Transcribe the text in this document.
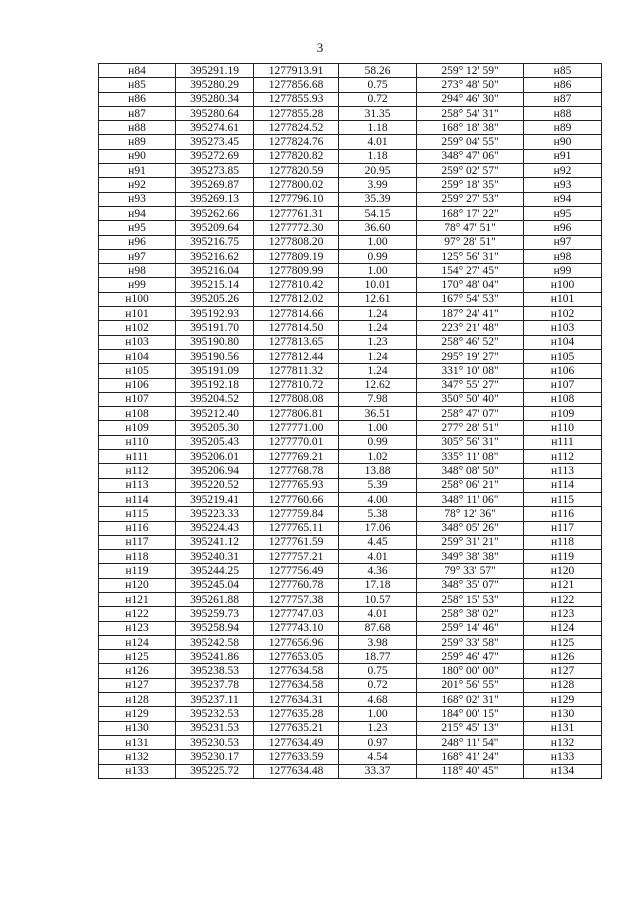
3
н84	395291.19	1277913.91	58.26	259° 12' 59"	н85
н85	395280.29	1277856.68	0.75	273° 48' 50"	н86
н86	395280.34	1277855.93	0.72	294° 46' 30"	н87
н87	395280.64	1277855.28	31.35	258° 54' 31"	н88
н88	395274.61	1277824.52	1.18	168° 18' 38"	н89
н89	395273.45	1277824.76	4.01	259° 04' 55"	н90
н90	395272.69	1277820.82	1.18	348° 47' 06"	н91
н91	395273.85	1277820.59	20.95	259° 02' 57"	н92
н92	395269.87	1277800.02	3.99	259° 18' 35"	н93
н93	395269.13	1277796.10	35.39	259° 27' 53"	н94
н94	395262.66	1277761.31	54.15	168° 17' 22"	н95
н95	395209.64	1277772.30	36.60	78° 47' 51"	н96
н96	395216.75	1277808.20	1.00	97° 28' 51"	н97
н97	395216.62	1277809.19	0.99	125° 56' 31"	н98
н98	395216.04	1277809.99	1.00	154° 27' 45"	н99
н99	395215.14	1277810.42	10.01	170° 48' 04"	н100
н100	395205.26	1277812.02	12.61	167° 54' 53"	н101
н101	395192.93	1277814.66	1.24	187° 24' 41"	н102
н102	395191.70	1277814.50	1.24	223° 21' 48"	н103
н103	395190.80	1277813.65	1.23	258° 46' 52"	н104
н104	395190.56	1277812.44	1.24	295° 19' 27"	н105
н105	395191.09	1277811.32	1.24	331° 10' 08"	н106
н106	395192.18	1277810.72	12.62	347° 55' 27"	н107
н107	395204.52	1277808.08	7.98	350° 50' 40"	н108
н108	395212.40	1277806.81	36.51	258° 47' 07"	н109
н109	395205.30	1277771.00	1.00	277° 28' 51"	н110
н110	395205.43	1277770.01	0.99	305° 56' 31"	н111
н111	395206.01	1277769.21	1.02	335° 11' 08"	н112
н112	395206.94	1277768.78	13.88	348° 08' 50"	н113
н113	395220.52	1277765.93	5.39	258° 06' 21"	н114
н114	395219.41	1277760.66	4.00	348° 11' 06"	н115
н115	395223.33	1277759.84	5.38	78° 12' 36"	н116
н116	395224.43	1277765.11	17.06	348° 05' 26"	н117
н117	395241.12	1277761.59	4.45	259° 31' 21"	н118
н118	395240.31	1277757.21	4.01	349° 38' 38"	н119
н119	395244.25	1277756.49	4.36	79° 33' 57"	н120
н120	395245.04	1277760.78	17.18	348° 35' 07"	н121
н121	395261.88	1277757.38	10.57	258° 15' 53"	н122
н122	395259.73	1277747.03	4.01	258° 38' 02"	н123
н123	395258.94	1277743.10	87.68	259° 14' 46"	н124
н124	395242.58	1277656.96	3.98	259° 33' 58"	н125
н125	395241.86	1277653.05	18.77	259° 46' 47"	н126
н126	395238.53	1277634.58	0.75	180° 00' 00"	н127
н127	395237.78	1277634.58	0.72	201° 56' 55"	н128
н128	395237.11	1277634.31	4.68	168° 02' 31"	н129
н129	395232.53	1277635.28	1.00	184° 00' 15"	н130
н130	395231.53	1277635.21	1.23	215° 45' 13"	н131
н131	395230.53	1277634.49	0.97	248° 11' 54"	н132
н132	395230.17	1277633.59	4.54	168° 41' 24"	н133
н133	395225.72	1277634.48	33.37	118° 40' 45"	н134
